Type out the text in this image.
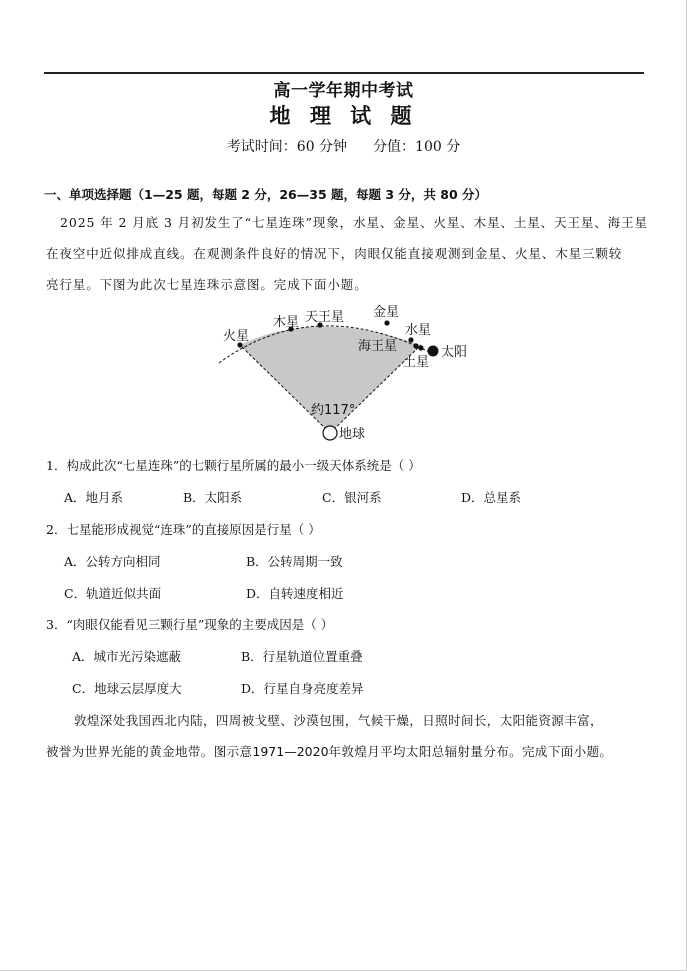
高一学年期中考试
地 理 试 题
考试时间：60 分钟 分值：100 分
一、单项选择题（1—25 题，每题 2 分，26—35 题，每题 3 分，共 80 分）
2025 年 2 月底 3 月初发生了“七星连珠”现象，水星、金星、火星、木星、土星、天王星、海王星
在夜空中近似排成直线。在观测条件良好的情况下，肉眼仅能直接观测到金星、火星、木星三颗较
亮行星。下图为此次七星连珠示意图。完成下面小题。
火星
木星 天王星 金星
水星
海王星
土星
太阳
约117°
地球
1．构成此次“七星连珠”的七颗行星所属的最小一级天体系统是（ ）
A．地月系	B．太阳系	C．银河系	D．总星系
2．七星能形成视觉“连珠”的直接原因是行星（ ）
A．公转方向相同	B．公转周期一致
C．轨道近似共面	D．自转速度相近
3．“肉眼仅能看见三颗行星”现象的主要成因是（ ）
A．城市光污染遮蔽	B．行星轨道位置重叠
C．地球云层厚度大	D．行星自身亮度差异
敦煌深处我国西北内陆，四周被戈壁、沙漠包围，气候干燥，日照时间长，太阳能资源丰富，
被誉为世界光能的黄金地带。图示意1971—2020年敦煌月平均太阳总辐射量分布。完成下面小题。
